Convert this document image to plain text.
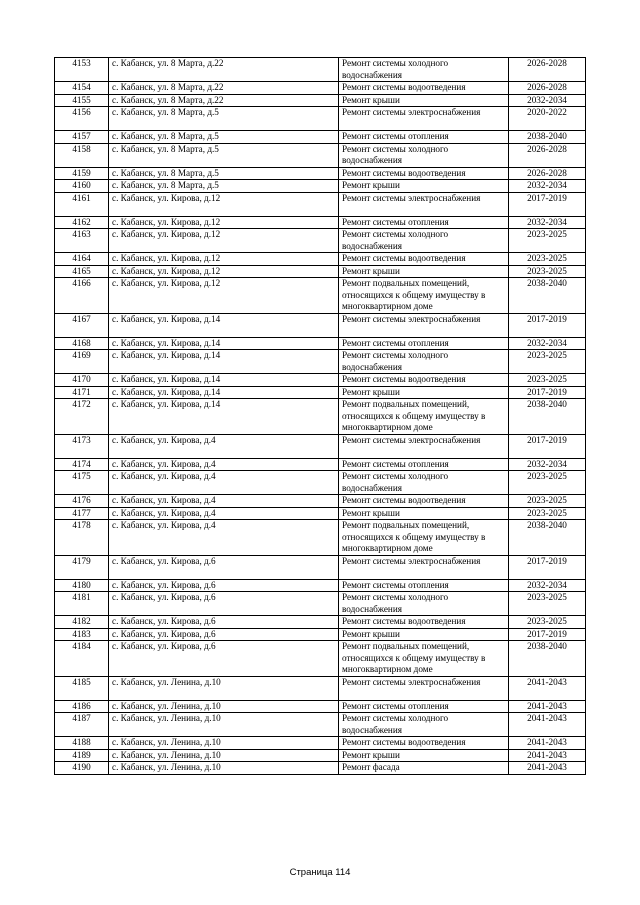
4153	с. Кабанск, ул. 8 Марта, д.22	Ремонт системы холодного водоснабжения	2026-2028
4154	с. Кабанск, ул. 8 Марта, д.22	Ремонт системы водоотведения	2026-2028
4155	с. Кабанск, ул. 8 Марта, д.22	Ремонт крыши	2032-2034
4156	с. Кабанск, ул. 8 Марта, д.5	Ремонт системы электроснабжения	2020-2022
4157	с. Кабанск, ул. 8 Марта, д.5	Ремонт системы отопления	2038-2040
4158	с. Кабанск, ул. 8 Марта, д.5	Ремонт системы холодного водоснабжения	2026-2028
4159	с. Кабанск, ул. 8 Марта, д.5	Ремонт системы водоотведения	2026-2028
4160	с. Кабанск, ул. 8 Марта, д.5	Ремонт крыши	2032-2034
4161	с. Кабанск, ул. Кирова, д.12	Ремонт системы электроснабжения	2017-2019
4162	с. Кабанск, ул. Кирова, д.12	Ремонт системы отопления	2032-2034
4163	с. Кабанск, ул. Кирова, д.12	Ремонт системы холодного водоснабжения	2023-2025
4164	с. Кабанск, ул. Кирова, д.12	Ремонт системы водоотведения	2023-2025
4165	с. Кабанск, ул. Кирова, д.12	Ремонт крыши	2023-2025
4166	с. Кабанск, ул. Кирова, д.12	Ремонт подвальных помещений, относящихся к общему имуществу в многоквартирном доме	2038-2040
4167	с. Кабанск, ул. Кирова, д.14	Ремонт системы электроснабжения	2017-2019
4168	с. Кабанск, ул. Кирова, д.14	Ремонт системы отопления	2032-2034
4169	с. Кабанск, ул. Кирова, д.14	Ремонт системы холодного водоснабжения	2023-2025
4170	с. Кабанск, ул. Кирова, д.14	Ремонт системы водоотведения	2023-2025
4171	с. Кабанск, ул. Кирова, д.14	Ремонт крыши	2017-2019
4172	с. Кабанск, ул. Кирова, д.14	Ремонт подвальных помещений, относящихся к общему имуществу в многоквартирном доме	2038-2040
4173	с. Кабанск, ул. Кирова, д.4	Ремонт системы электроснабжения	2017-2019
4174	с. Кабанск, ул. Кирова, д.4	Ремонт системы отопления	2032-2034
4175	с. Кабанск, ул. Кирова, д.4	Ремонт системы холодного водоснабжения	2023-2025
4176	с. Кабанск, ул. Кирова, д.4	Ремонт системы водоотведения	2023-2025
4177	с. Кабанск, ул. Кирова, д.4	Ремонт крыши	2023-2025
4178	с. Кабанск, ул. Кирова, д.4	Ремонт подвальных помещений, относящихся к общему имуществу в многоквартирном доме	2038-2040
4179	с. Кабанск, ул. Кирова, д.6	Ремонт системы электроснабжения	2017-2019
4180	с. Кабанск, ул. Кирова, д.6	Ремонт системы отопления	2032-2034
4181	с. Кабанск, ул. Кирова, д.6	Ремонт системы холодного водоснабжения	2023-2025
4182	с. Кабанск, ул. Кирова, д.6	Ремонт системы водоотведения	2023-2025
4183	с. Кабанск, ул. Кирова, д.6	Ремонт крыши	2017-2019
4184	с. Кабанск, ул. Кирова, д.6	Ремонт подвальных помещений, относящихся к общему имуществу в многоквартирном доме	2038-2040
4185	с. Кабанск, ул. Ленина, д.10	Ремонт системы электроснабжения	2041-2043
4186	с. Кабанск, ул. Ленина, д.10	Ремонт системы отопления	2041-2043
4187	с. Кабанск, ул. Ленина, д.10	Ремонт системы холодного водоснабжения	2041-2043
4188	с. Кабанск, ул. Ленина, д.10	Ремонт системы водоотведения	2041-2043
4189	с. Кабанск, ул. Ленина, д.10	Ремонт крыши	2041-2043
4190	с. Кабанск, ул. Ленина, д.10	Ремонт фасада	2041-2043
Страница 114
